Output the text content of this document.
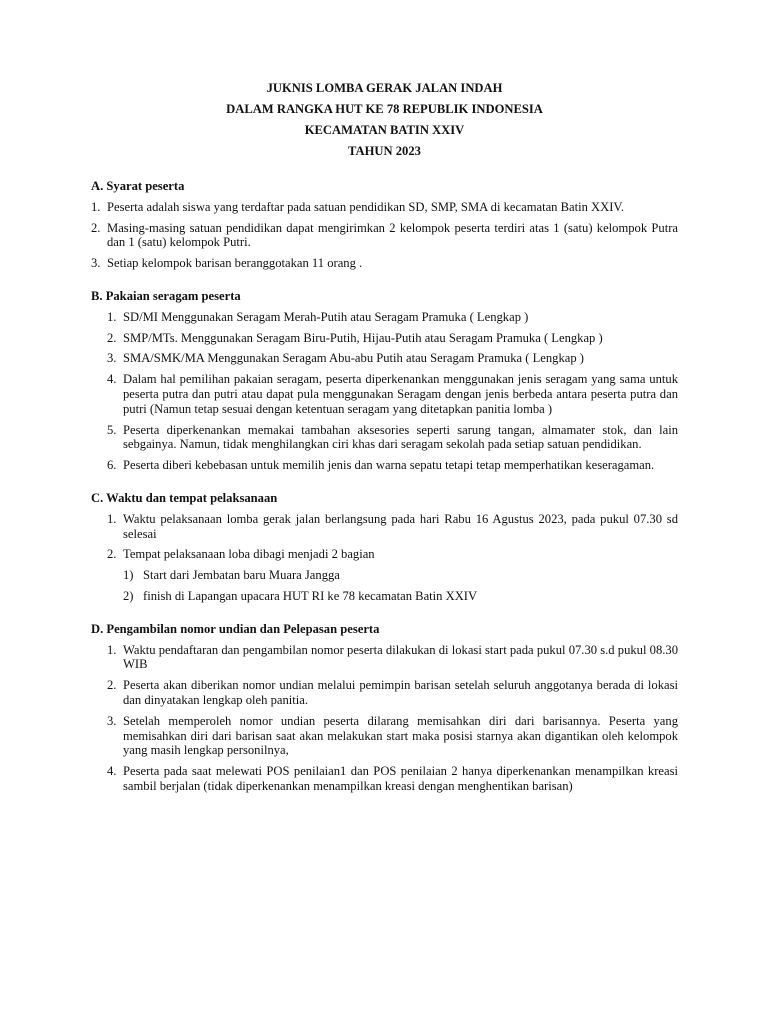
JUKNIS LOMBA GERAK JALAN INDAH
DALAM RANGKA HUT KE 78 REPUBLIK INDONESIA
KECAMATAN BATIN XXIV
TAHUN 2023
A. Syarat peserta
1. Peserta adalah siswa yang terdaftar pada satuan pendidikan SD, SMP, SMA di kecamatan Batin XXIV.
2. Masing-masing satuan pendidikan dapat mengirimkan 2 kelompok peserta terdiri atas 1 (satu) kelompok Putra dan 1 (satu) kelompok Putri.
3. Setiap kelompok barisan beranggotakan 11 orang .
B. Pakaian seragam peserta
1. SD/MI Menggunakan Seragam Merah-Putih atau Seragam Pramuka ( Lengkap )
2. SMP/MTs. Menggunakan Seragam Biru-Putih, Hijau-Putih atau Seragam Pramuka ( Lengkap )
3. SMA/SMK/MA Menggunakan Seragam Abu-abu Putih atau Seragam Pramuka ( Lengkap )
4. Dalam hal pemilihan pakaian seragam, peserta diperkenankan menggunakan jenis seragam yang sama untuk peserta putra dan putri atau dapat pula menggunakan Seragam dengan jenis berbeda antara peserta putra dan putri (Namun tetap sesuai dengan ketentuan seragam yang ditetapkan panitia lomba )
5. Peserta diperkenankan memakai tambahan aksesories seperti sarung tangan, almamater stok, dan lain sebgainya. Namun, tidak menghilangkan ciri khas dari seragam sekolah pada setiap satuan pendidikan.
6. Peserta diberi kebebasan untuk memilih jenis dan warna sepatu tetapi tetap memperhatikan keseragaman.
C. Waktu dan tempat pelaksanaan
1. Waktu pelaksanaan lomba gerak jalan berlangsung pada hari Rabu 16 Agustus 2023, pada pukul 07.30 sd selesai
2. Tempat pelaksanaan loba dibagi menjadi 2 bagian
1) Start dari Jembatan baru Muara Jangga
2) finish di Lapangan upacara HUT RI ke 78 kecamatan Batin XXIV
D. Pengambilan nomor undian dan Pelepasan peserta
1. Waktu pendaftaran dan pengambilan nomor peserta dilakukan di lokasi start pada pukul 07.30 s.d pukul 08.30 WIB
2. Peserta akan diberikan nomor undian melalui pemimpin barisan setelah seluruh anggotanya berada di lokasi dan dinyatakan lengkap oleh panitia.
3. Setelah memperoleh nomor undian peserta dilarang memisahkan diri dari barisannya. Peserta yang memisahkan diri dari barisan saat akan melakukan start maka posisi starnya akan digantikan oleh kelompok yang masih lengkap personilnya,
4. Peserta pada saat melewati POS penilaian1 dan POS penilaian 2 hanya diperkenankan menampilkan kreasi sambil berjalan (tidak diperkenankan menampilkan kreasi dengan menghentikan barisan)
